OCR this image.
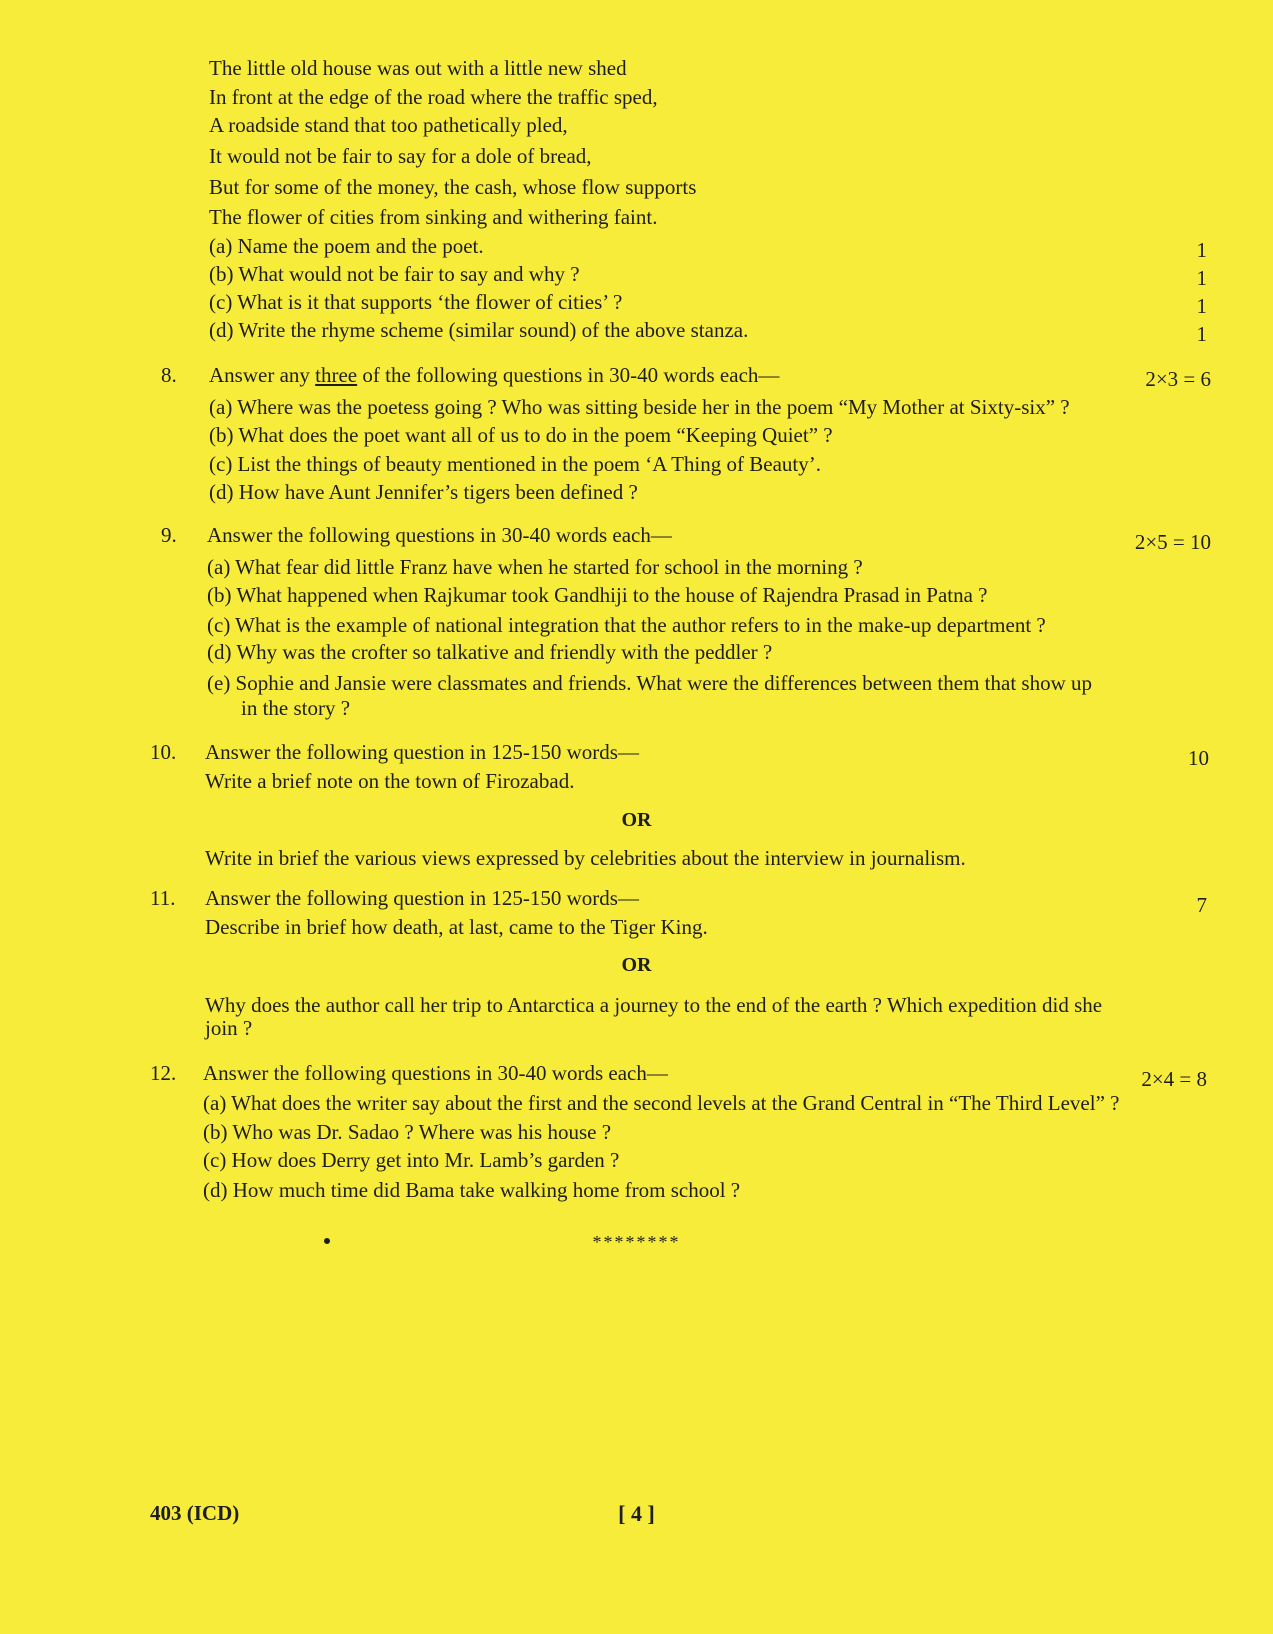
The little old house was out with a little new shed
In front at the edge of the road where the traffic sped,
A roadside stand that too pathetically pled,
It would not be fair to say for a dole of bread,
But for some of the money, the cash, whose flow supports
The flower of cities from sinking and withering faint.
(a) Name the poem and the poet.	1
(b) What would not be fair to say and why ?	1
(c) What is it that supports ‘the flower of cities’ ?	1
(d) Write the rhyme scheme (similar sound) of the above stanza.	1
8. Answer any three of the following questions in 30-40 words each—	2×3 = 6
(a) Where was the poetess going ? Who was sitting beside her in the poem “My Mother at Sixty-six” ?
(b) What does the poet want all of us to do in the poem “Keeping Quiet” ?
(c) List the things of beauty mentioned in the poem ‘A Thing of Beauty’.
(d) How have Aunt Jennifer’s tigers been defined ?
9. Answer the following questions in 30-40 words each—	2×5 = 10
(a) What fear did little Franz have when he started for school in the morning ?
(b) What happened when Rajkumar took Gandhiji to the house of Rajendra Prasad in Patna ?
(c) What is the example of national integration that the author refers to in the make-up department ?
(d) Why was the crofter so talkative and friendly with the peddler ?
(e) Sophie and Jansie were classmates and friends. What were the differences between them that show up
in the story ?
10. Answer the following question in 125-150 words—	10
Write a brief note on the town of Firozabad.
OR
Write in brief the various views expressed by celebrities about the interview in journalism.
11. Answer the following question in 125-150 words—	7
Describe in brief how death, at last, came to the Tiger King.
OR
Why does the author call her trip to Antarctica a journey to the end of the earth ? Which expedition did she
join ?
12. Answer the following questions in 30-40 words each—	2×4 = 8
(a) What does the writer say about the first and the second levels at the Grand Central in “The Third Level” ?
(b) Who was Dr. Sadao ? Where was his house ?
(c) How does Derry get into Mr. Lamb’s garden ?
(d) How much time did Bama take walking home from school ?
********
403 (ICD)	[ 4 ]
